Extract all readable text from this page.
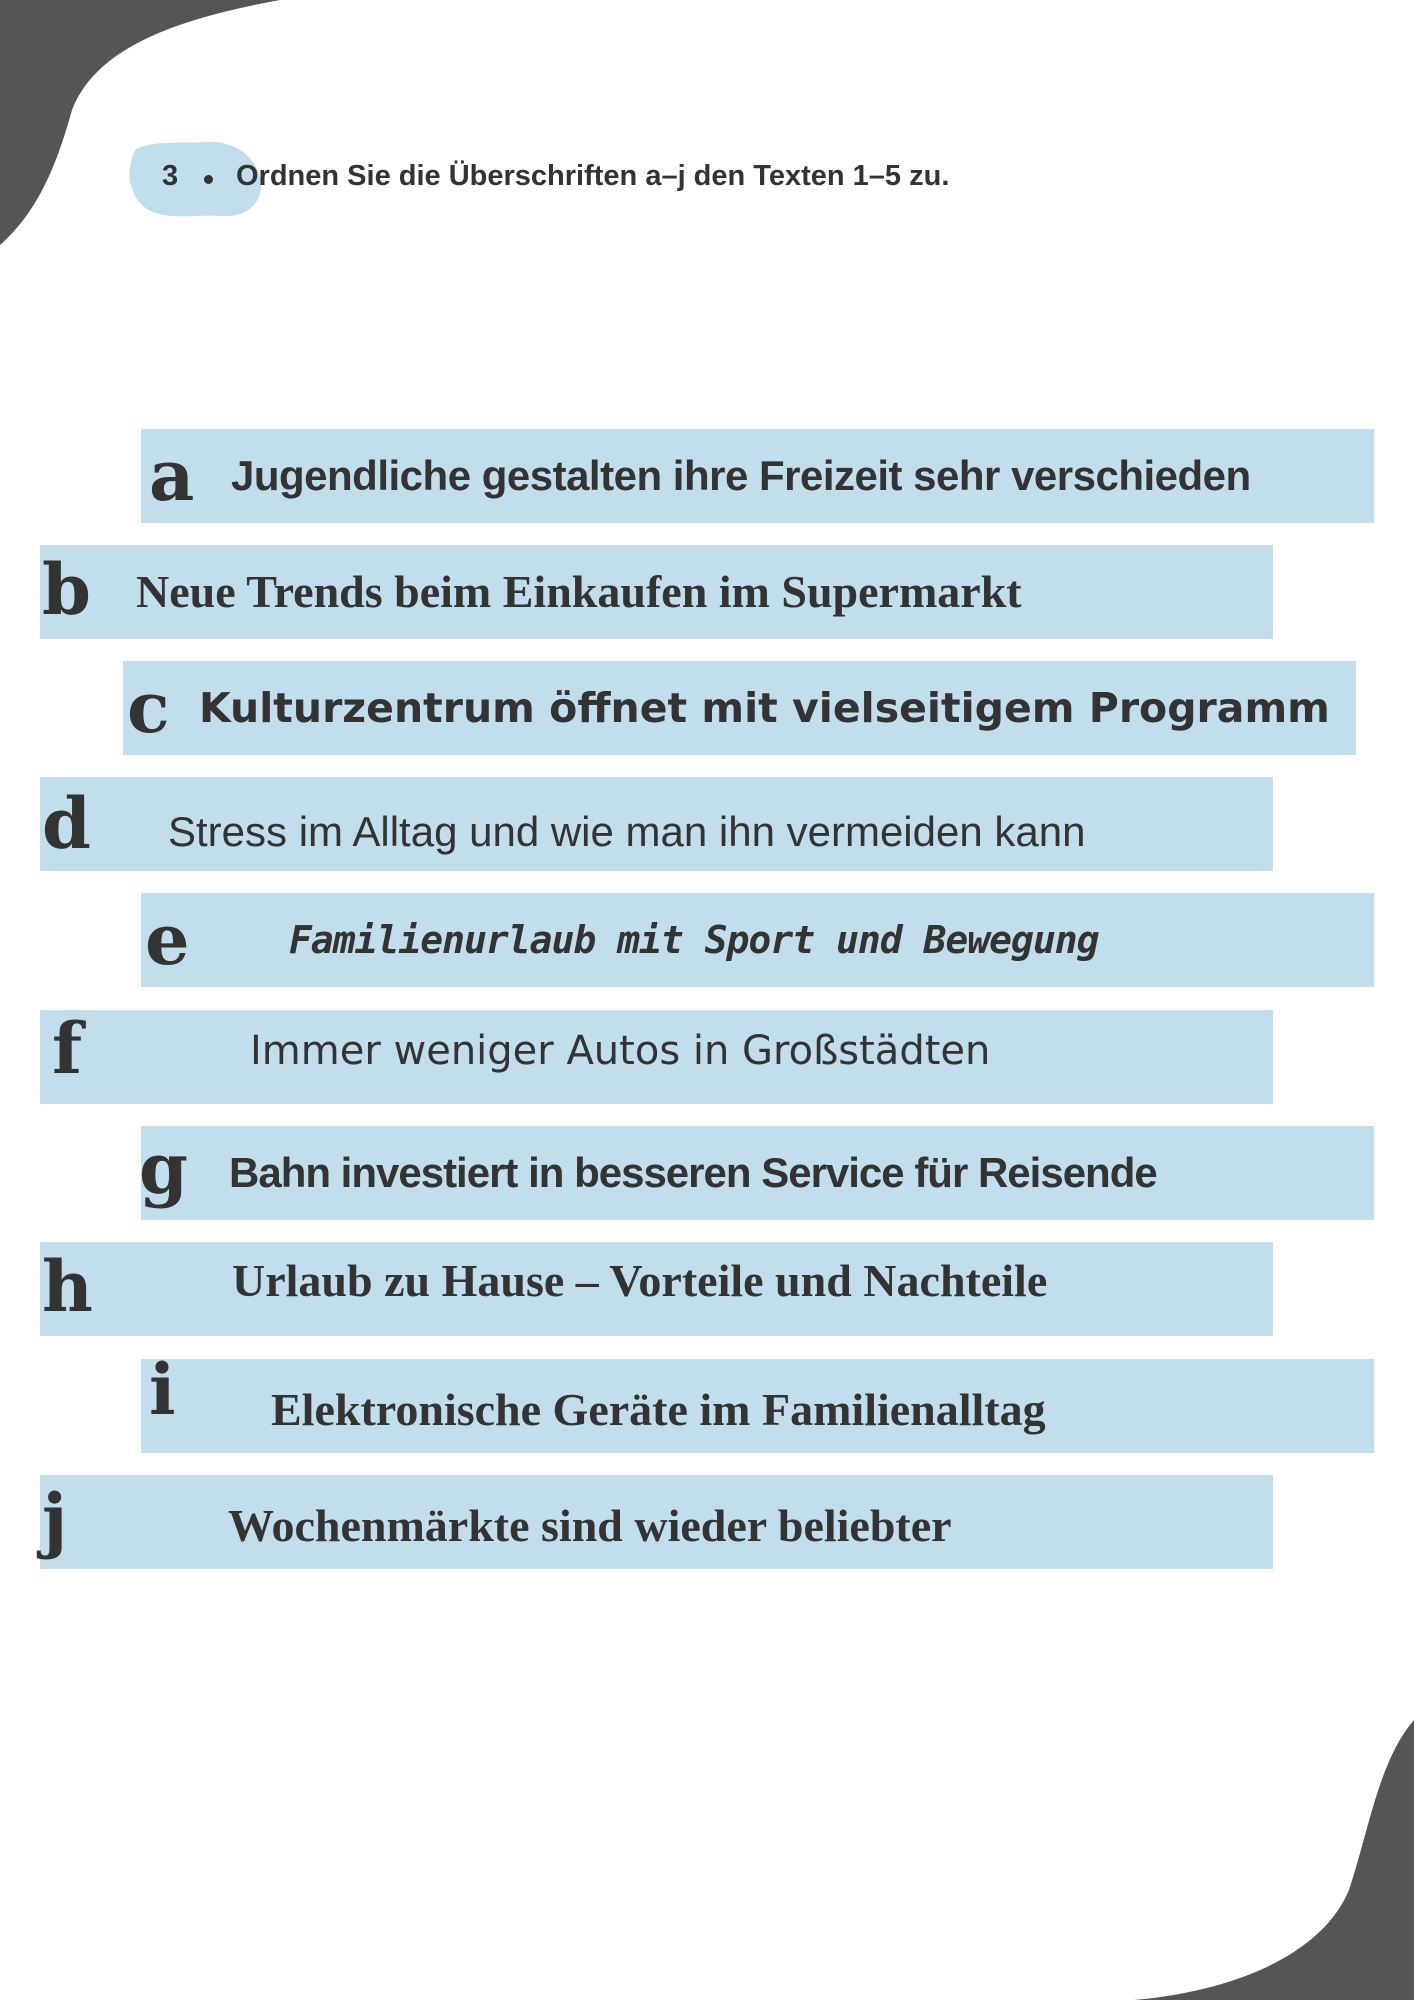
3 Ordnen Sie die Überschriften a–j den Texten 1–5 zu.
a Jugendliche gestalten ihre Freizeit sehr verschieden
b Neue Trends beim Einkaufen im Supermarkt
c Kulturzentrum öffnet mit vielseitigem Programm
d Stress im Alltag und wie man ihn vermeiden kann
e	Familienurlaub mit Sport und Bewegung
f	Immer weniger Autos in Großstädten
g Bahn investiert in besseren Service für Reisende
h	Urlaub zu Hause – Vorteile und Nachteile
i Elektronische Geräte im Familienalltag
j	Wochenmärkte sind wieder beliebter
